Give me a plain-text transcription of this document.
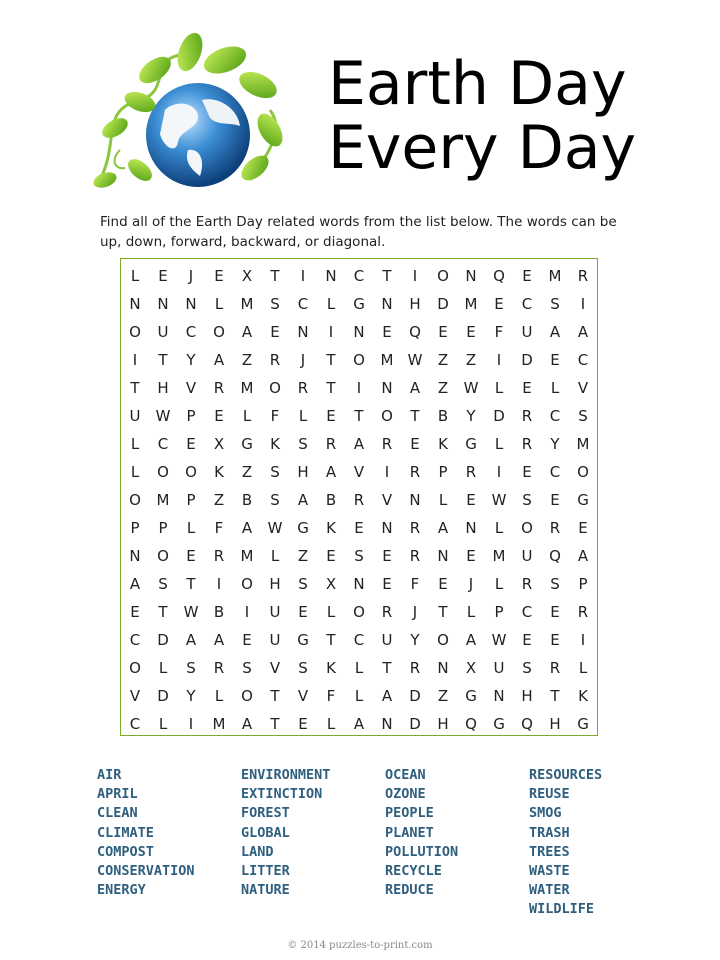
Earth Day
Every Day

Find all of the Earth Day related words from the list below. The words can be up, down, forward, backward, or diagonal.

L	E	J	E	X	T	I	N	C	T	I	O	N	Q	E	M	R
N	N	N	L	M	S	C	L	G	N	H	D	M	E	C	S	I
O	U	C	O	A	E	N	I	N	E	Q	E	E	F	U	A	A
I	T	Y	A	Z	R	J	T	O	M W	Z	Z	I	D	E	C
T	H	V	R	M	O	R	T	I	N	A	Z	W	L	E	L	V
U	W	P	E	L	F	L	E	T	O	T	B	Y	D	R	C	S
L	C	E	X	G	K	S	R	A	R	E	K	G	L	R	Y	M
L	O	O	K	Z	S	H	A	V	I	R	P	R	I	E	C	O
O	M	P	Z	B	S	A	B	R	V	N	L	E	W	S	E	G
P	P	L	F	A	W G	K	E	N	R	A	N	L	O	R	E
N	O	E	R	M	L	Z	E	S	E	R	N	E	M	U	Q	A
A	S	T	I	O	H	S	X	N	E	F	E	J	L	R	S	P
E	T	W	B	I	U	E	L	O	R	J	T	L	P	C	E	R
C	D	A	A	E	U	G	T	C	U	Y	O	A	W	E	E	I
O	L	S	R	S	V	S	K	L	T	R	N	X	U	S	R	L
V	D	Y	L	O	T	V	F	L	A	D	Z	G	N	H	T	K
C	L	I	M	A	T	E	L	A	N	D	H	Q	G	Q	H	G
AIR
APRIL
CLEAN
CLIMATE
COMPOST
CONSERVATION
ENERGY
ENVIRONMENT
EXTINCTION
FOREST
GLOBAL
LAND
LITTER
NATURE
OCEAN
OZONE
PEOPLE
PLANET
POLLUTION
RECYCLE
REDUCE
RESOURCES
REUSE
SMOG
TRASH
TREES
WASTE
WATER
WILDLIFE
© 2014 puzzles-to-print.com
